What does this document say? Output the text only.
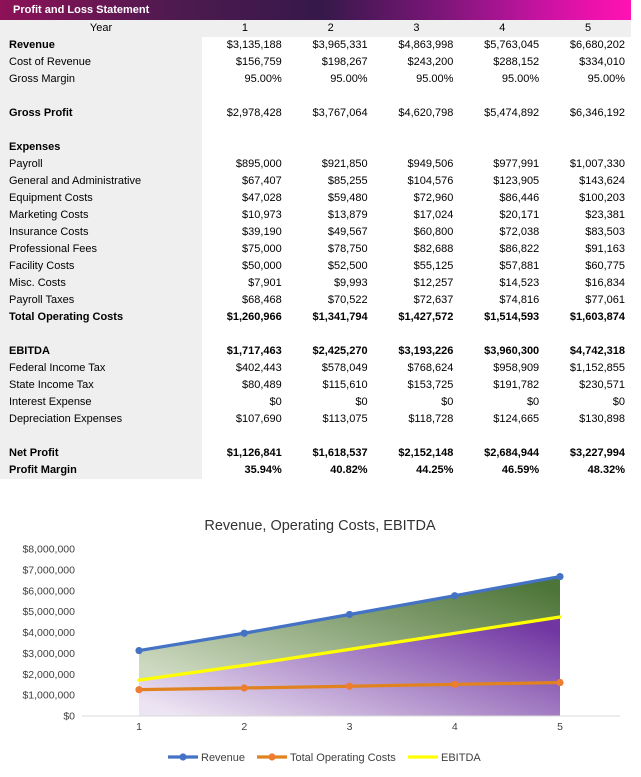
Profit and Loss Statement
Year	1	2	3	4	5
Revenue	$3,135,188	$3,965,331	$4,863,998	$5,763,045	$6,680,202
Cost of Revenue	$156,759	$198,267	$243,200	$288,152	$334,010
Gross Margin	95.00%	95.00%	95.00%	95.00%	95.00%
Gross Profit	$2,978,428	$3,767,064	$4,620,798	$5,474,892	$6,346,192
Expenses
Payroll	$895,000	$921,850	$949,506	$977,991	$1,007,330
General and Administrative	$67,407	$85,255	$104,576	$123,905	$143,624
Equipment Costs	$47,028	$59,480	$72,960	$86,446	$100,203
Marketing Costs	$10,973	$13,879	$17,024	$20,171	$23,381
Insurance Costs	$39,190	$49,567	$60,800	$72,038	$83,503
Professional Fees	$75,000	$78,750	$82,688	$86,822	$91,163
Facility Costs	$50,000	$52,500	$55,125	$57,881	$60,775
Misc. Costs	$7,901	$9,993	$12,257	$14,523	$16,834
Payroll Taxes	$68,468	$70,522	$72,637	$74,816	$77,061
Total Operating Costs	$1,260,966	$1,341,794	$1,427,572	$1,514,593	$1,603,874
EBITDA	$1,717,463	$2,425,270	$3,193,226	$3,960,300	$4,742,318
Federal Income Tax	$402,443	$578,049	$768,624	$958,909	$1,152,855
State Income Tax	$80,489	$115,610	$153,725	$191,782	$230,571
Interest Expense	$0	$0	$0	$0	$0
Depreciation Expenses	$107,690	$113,075	$118,728	$124,665	$130,898
Net Profit	$1,126,841	$1,618,537	$2,152,148	$2,684,944	$3,227,994
Profit Margin	35.94%	40.82%	44.25%	46.59%	48.32%
$0
$1,000,000
$2,000,000
$3,000,000
$4,000,000
$5,000,000
$6,000,000
$7,000,000
$8,000,000
1	2	3	4	5
Revenue, Operating Costs, EBITDA
Revenue	Total Operating Costs	EBITDA
